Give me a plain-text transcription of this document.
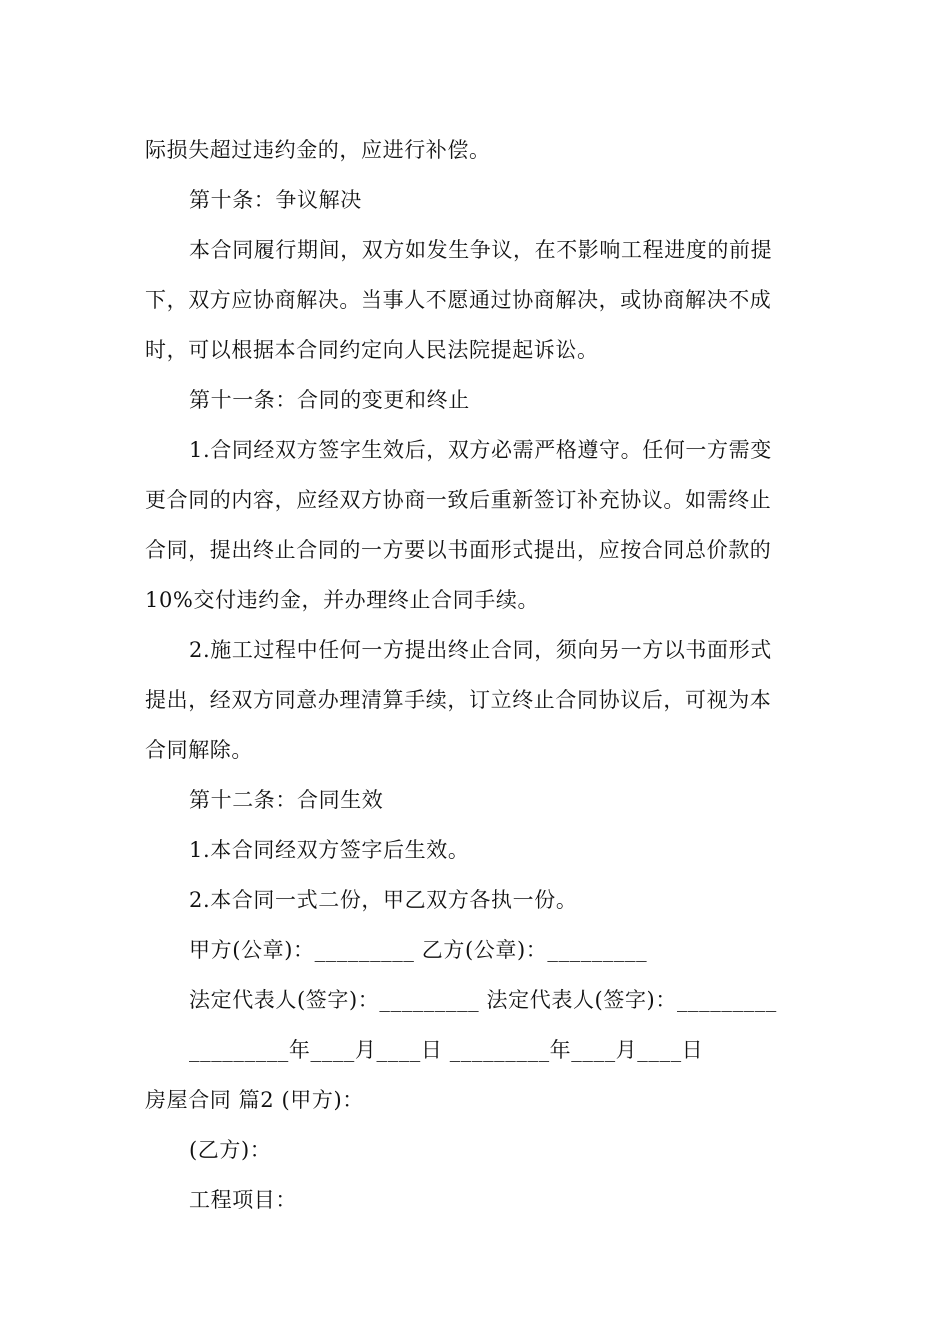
际损失超过违约金的，应进行补偿。
第十条：争议解决
本合同履行期间，双方如发生争议，在不影响工程进度的前提
下，双方应协商解决。当事人不愿通过协商解决，或协商解决不成
时，可以根据本合同约定向人民法院提起诉讼。
第十一条：合同的变更和终止
1.合同经双方签字生效后，双方必需严格遵守。任何一方需变
更合同的内容，应经双方协商一致后重新签订补充协议。如需终止
合同，提出终止合同的一方要以书面形式提出，应按合同总价款的
10%交付违约金，并办理终止合同手续。
2.施工过程中任何一方提出终止合同，须向另一方以书面形式
提出，经双方同意办理清算手续，订立终止合同协议后，可视为本
合同解除。
第十二条：合同生效
1.本合同经双方签字后生效。
2.本合同一式二份，甲乙双方各执一份。
甲方(公章)：_________ 乙方(公章)：_________
法定代表人(签字)：_________ 法定代表人(签字)：_________
_________年____月____日 _________年____月____日
房屋合同 篇2 (甲方)：
(乙方)：
工程项目：
